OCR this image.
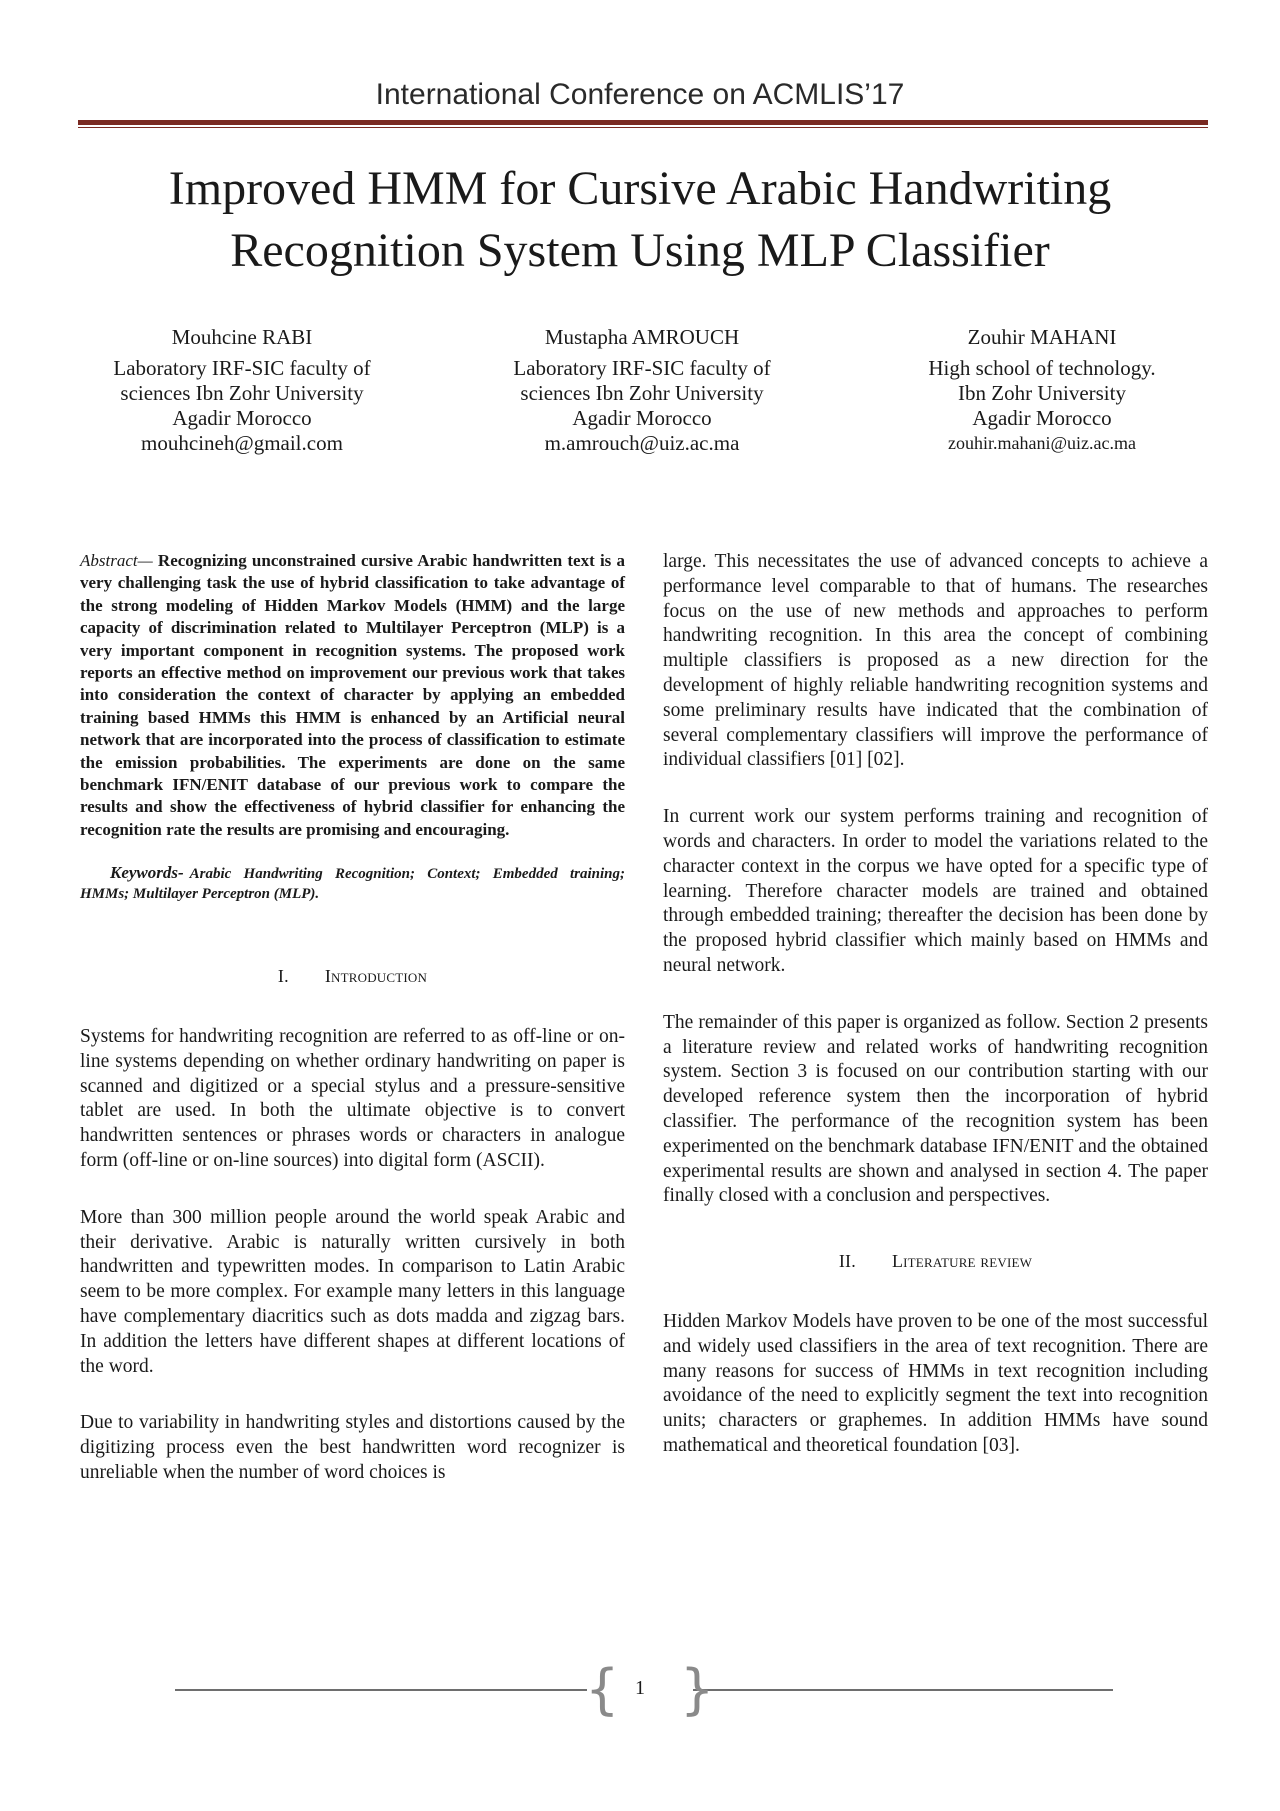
International Conference on ACMLIS’17
Improved HMM for Cursive Arabic Handwriting
Recognition System Using MLP Classifier
Mouhcine RABI
Laboratory IRF-SIC faculty of
sciences Ibn Zohr University
Agadir Morocco
mouhcineh@gmail.com
Mustapha AMROUCH
Laboratory IRF-SIC faculty of
sciences Ibn Zohr University
Agadir Morocco
m.amrouch@uiz.ac.ma
Zouhir MAHANI
High school of technology.
Ibn Zohr University
Agadir Morocco
zouhir.mahani@uiz.ac.ma
Abstract— Recognizing unconstrained cursive Arabic handwritten text is a very challenging task the use of hybrid classification to take advantage of the strong modeling of Hidden Markov Models (HMM) and the large capacity of discrimination related to Multilayer Perceptron (MLP) is a very important component in recognition systems. The proposed work reports an effective method on improvement our previous work that takes into consideration the context of character by applying an embedded training based HMMs this HMM is enhanced by an Artificial neural network that are incorporated into the process of classification to estimate the emission probabilities. The experiments are done on the same benchmark IFN/ENIT database of our previous work to compare the results and show the effectiveness of hybrid classifier for enhancing the recognition rate the results are promising and encouraging.
Keywords- Arabic Handwriting Recognition; Context; Embedded training; HMMs; Multilayer Perceptron (MLP).
I. Introduction

Systems for handwriting recognition are referred to as off-line or on-line systems depending on whether ordinary handwriting on paper is scanned and digitized or a special stylus and a pressure-sensitive tablet are used. In both the ultimate objective is to convert handwritten sentences or phrases words or characters in analogue form (off-line or on-line sources) into digital form (ASCII).

More than 300 million people around the world speak Arabic and their derivative. Arabic is naturally written cursively in both handwritten and typewritten modes. In comparison to Latin Arabic seem to be more complex. For example many letters in this language have complementary diacritics such as dots madda and zigzag bars. In addition the letters have different shapes at different locations of the word.

Due to variability in handwriting styles and distortions caused by the digitizing process even the best handwritten word recognizer is unreliable when the number of word choices is

large. This necessitates the use of advanced concepts to achieve a performance level comparable to that of humans. The researches focus on the use of new methods and approaches to perform handwriting recognition. In this area the concept of combining multiple classifiers is proposed as a new direction for the development of highly reliable handwriting recognition systems and some preliminary results have indicated that the combination of several complementary classifiers will improve the performance of individual classifiers [01] [02].

In current work our system performs training and recognition of words and characters. In order to model the variations related to the character context in the corpus we have opted for a specific type of learning. Therefore character models are trained and obtained through embedded training; thereafter the decision has been done by the proposed hybrid classifier which mainly based on HMMs and neural network.

The remainder of this paper is organized as follow. Section 2 presents a literature review and related works of handwriting recognition system. Section 3 is focused on our contribution starting with our developed reference system then the incorporation of hybrid classifier. The performance of the recognition system has been experimented on the benchmark database IFN/ENIT and the obtained experimental results are shown and analysed in section 4. The paper finally closed with a conclusion and perspectives.

II. Literature review

Hidden Markov Models have proven to be one of the most successful and widely used classifiers in the area of text recognition. There are many reasons for success of HMMs in text recognition including avoidance of the need to explicitly segment the text into recognition units; characters or graphemes. In addition HMMs have sound mathematical and theoretical foundation [03].

{ }
1
